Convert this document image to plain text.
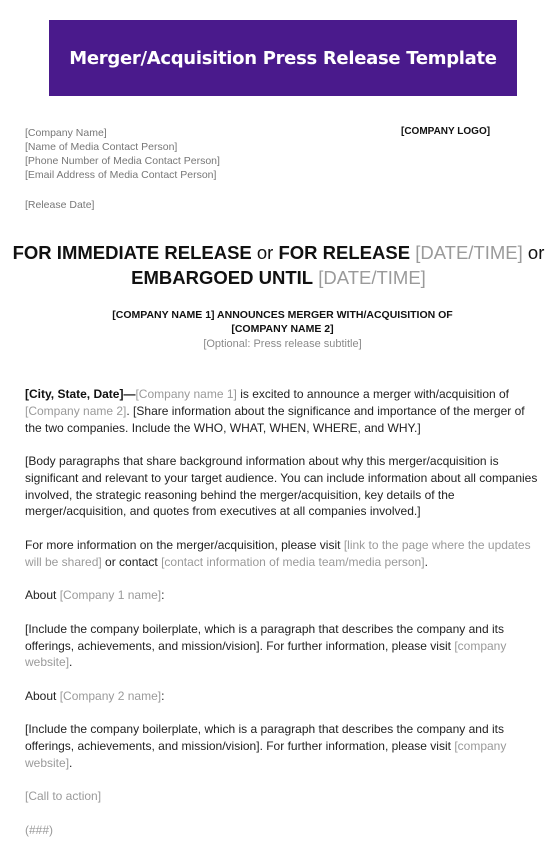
Merger/Acquisition Press Release Template
[Company Name]
[Name of Media Contact Person]
[Phone Number of Media Contact Person]
[Email Address of Media Contact Person]
[COMPANY LOGO]
[Release Date]
FOR IMMEDIATE RELEASE or FOR RELEASE [DATE/TIME] or
EMBARGOED UNTIL [DATE/TIME]
[COMPANY NAME 1] ANNOUNCES MERGER WITH/ACQUISITION OF
[COMPANY NAME 2]
[Optional: Press release subtitle]

[City, State, Date]—[Company name 1] is excited to announce a merger with/acquisition of [Company name 2]. [Share information about the significance and importance of the merger of the two companies. Include the WHO, WHAT, WHEN, WHERE, and WHY.]

[Body paragraphs that share background information about why this merger/acquisition is significant and relevant to your target audience. You can include information about all companies involved, the strategic reasoning behind the merger/acquisition, key details of the merger/acquisition, and quotes from executives at all companies involved.]

For more information on the merger/acquisition, please visit [link to the page where the updates will be shared] or contact [contact information of media team/media person].

About [Company 1 name]:

[Include the company boilerplate, which is a paragraph that describes the company and its offerings, achievements, and mission/vision]. For further information, please visit [company website].

About [Company 2 name]:

[Include the company boilerplate, which is a paragraph that describes the company and its offerings, achievements, and mission/vision]. For further information, please visit [company website].

[Call to action]

(###)
